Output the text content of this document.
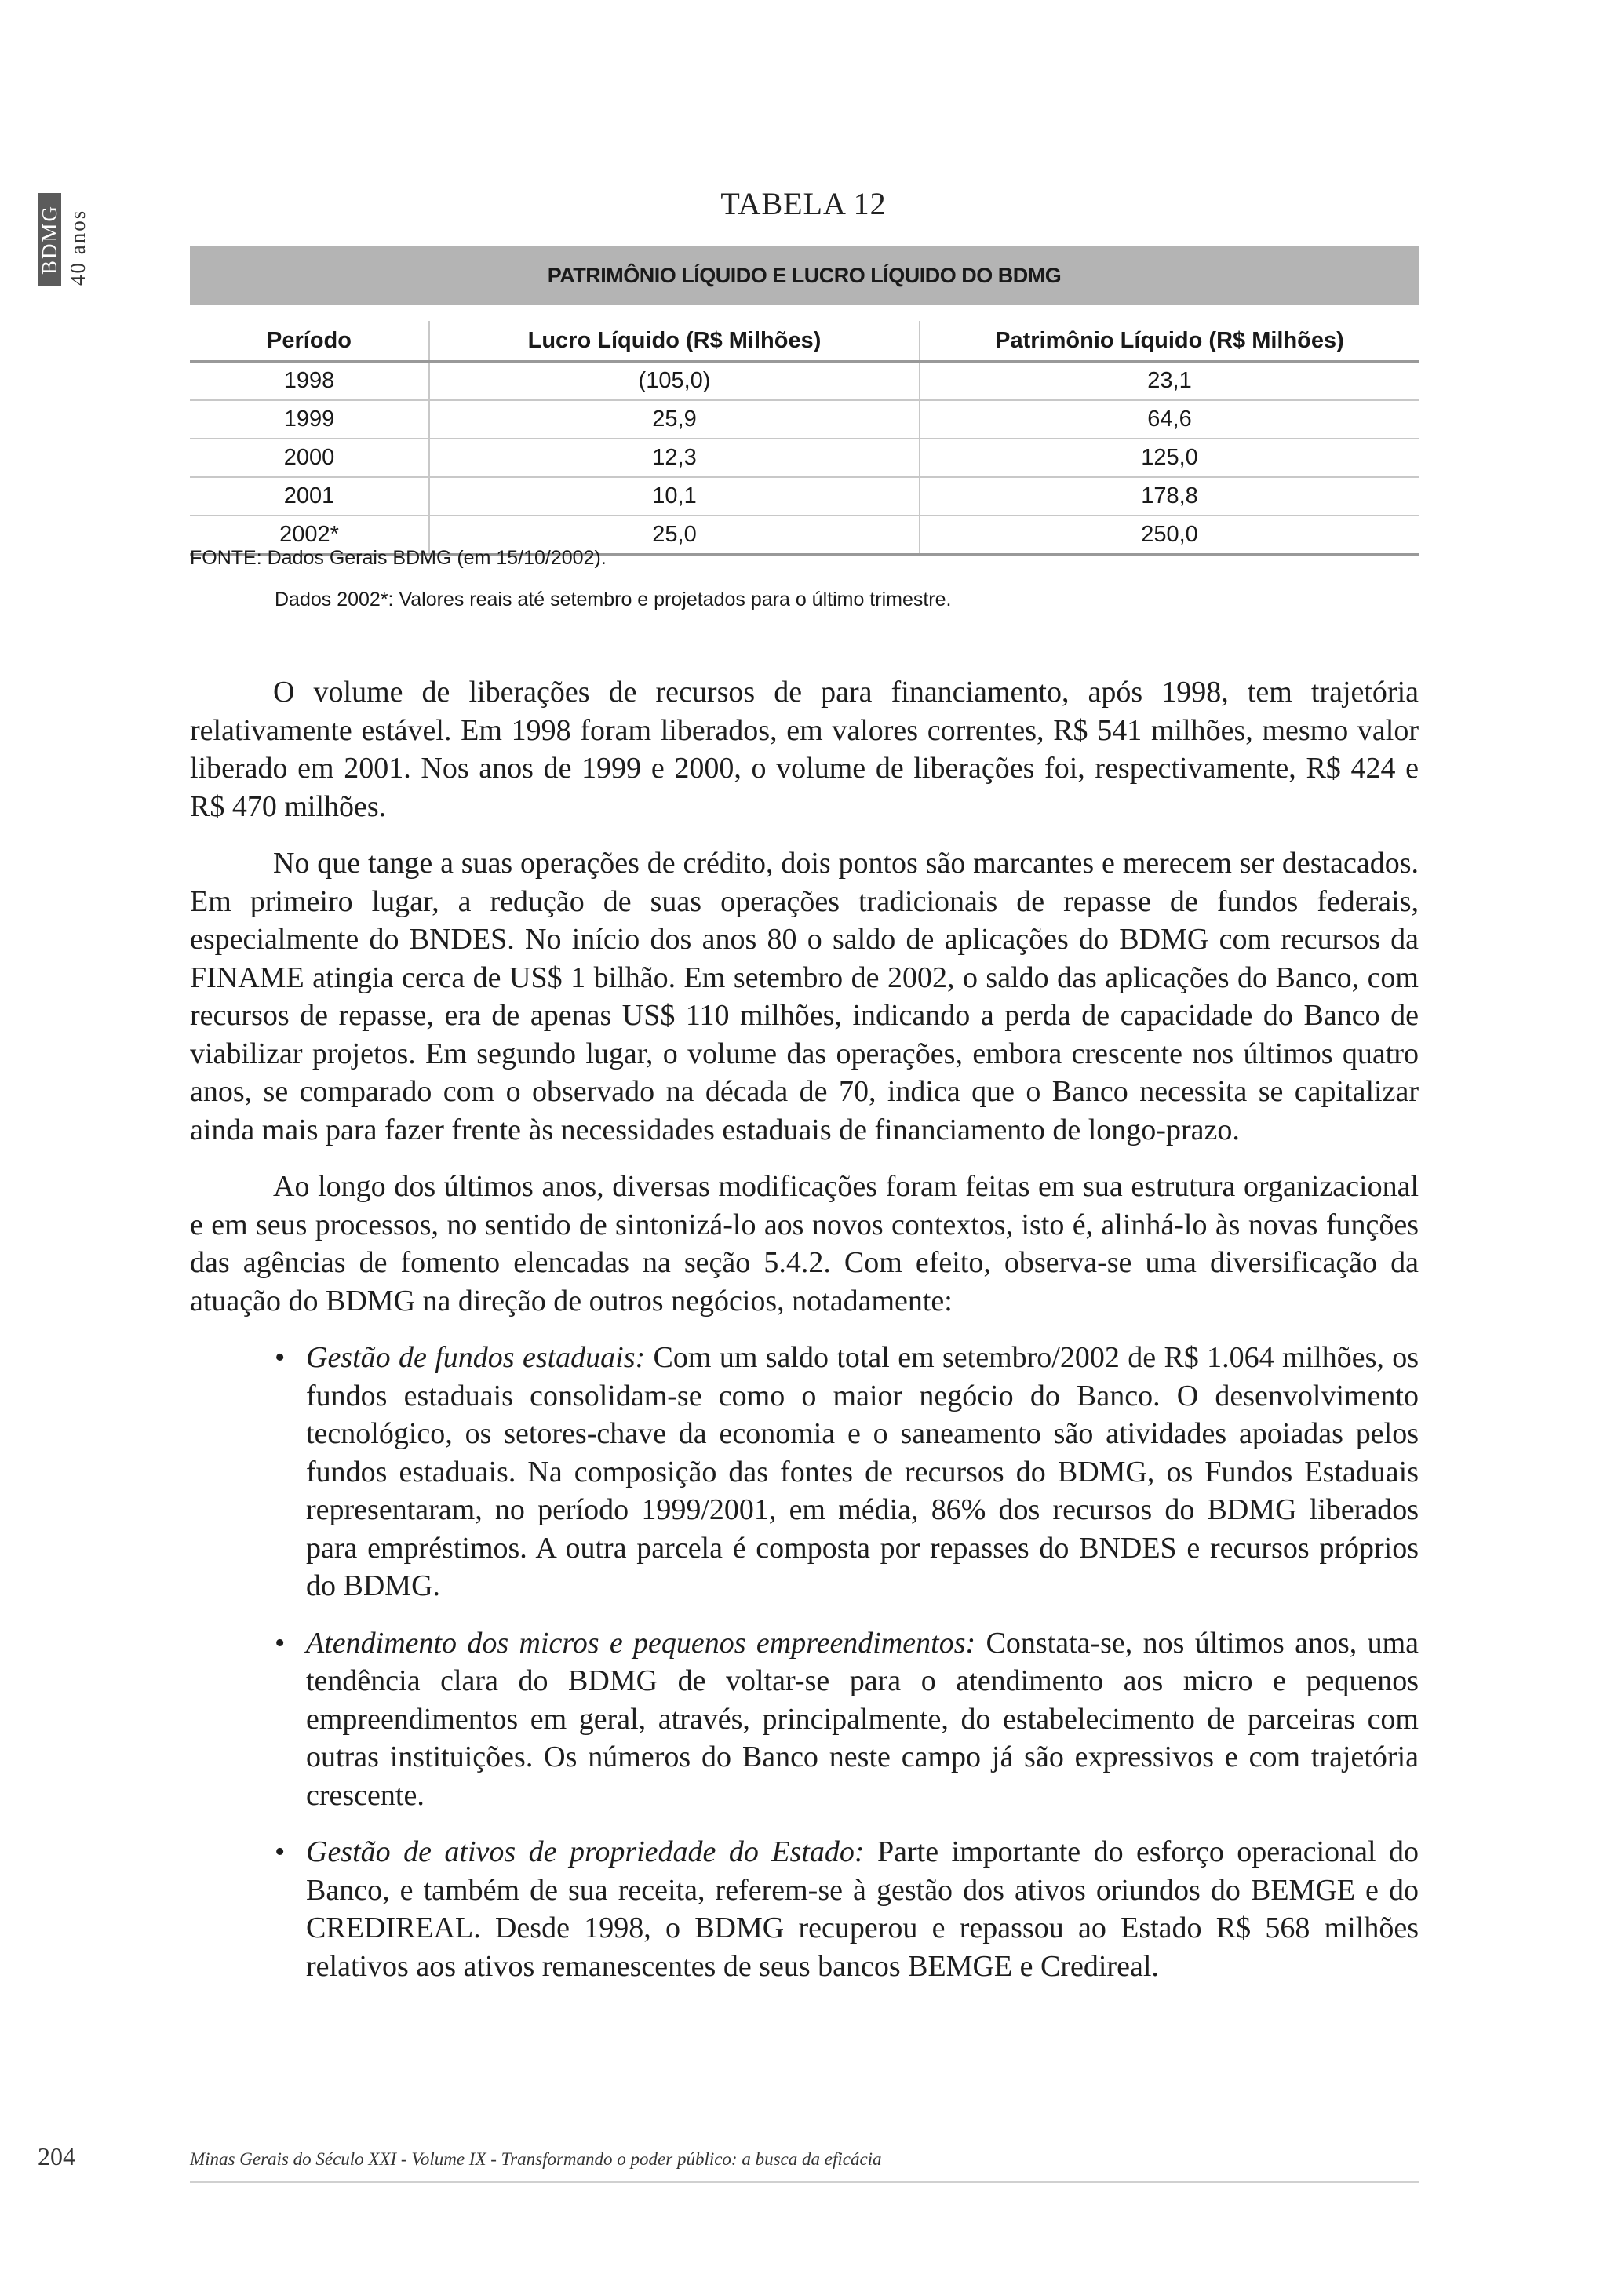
BDMG 40 anos
TABELA 12
PATRIMÔNIO LÍQUIDO E LUCRO LÍQUIDO DO BDMG
Período	Lucro Líquido (R$ Milhões)	Patrimônio Líquido (R$ Milhões)
1998	(105,0)	23,1
1999	25,9	64,6
2000	12,3	125,0
2001	10,1	178,8
2002*	25,0	250,0
FONTE: Dados Gerais BDMG (em 15/10/2002).
Dados 2002*: Valores reais até setembro e projetados para o último trimestre.

O volume de liberações de recursos de para financiamento, após 1998, tem trajetória relativamente estável. Em 1998 foram liberados, em valores correntes, R$ 541 milhões, mesmo valor liberado em 2001. Nos anos de 1999 e 2000, o volume de liberações foi, respectivamente, R$ 424 e R$ 470 milhões.

No que tange a suas operações de crédito, dois pontos são marcantes e merecem ser destacados. Em primeiro lugar, a redução de suas operações tradicionais de repasse de fundos federais, especialmente do BNDES. No início dos anos 80 o saldo de aplicações do BDMG com recursos da FINAME atingia cerca de US$ 1 bilhão. Em setembro de 2002, o saldo das aplicações do Banco, com recursos de repasse, era de apenas US$ 110 milhões, indicando a perda de capacidade do Banco de viabilizar projetos. Em segundo lugar, o volume das operações, embora crescente nos últimos quatro anos, se comparado com o observado na década de 70, indica que o Banco necessita se capitalizar ainda mais para fazer frente às necessidades estaduais de financiamento de longo-prazo.

Ao longo dos últimos anos, diversas modificações foram feitas em sua estrutura organizacional e em seus processos, no sentido de sintonizá-lo aos novos contextos, isto é, alinhá-lo às novas funções das agências de fomento elencadas na seção 5.4.2. Com efeito, observa-se uma diversificação da atuação do BDMG na direção de outros negócios, notadamente:

• Gestão de fundos estaduais: Com um saldo total em setembro/2002 de R$ 1.064 milhões, os fundos estaduais consolidam-se como o maior negócio do Banco. O desenvolvimento tecnológico, os setores-chave da economia e o saneamento são atividades apoiadas pelos fundos estaduais. Na composição das fontes de recursos do BDMG, os Fundos Estaduais representaram, no período 1999/2001, em média, 86% dos recursos do BDMG liberados para empréstimos. A outra parcela é composta por repasses do BNDES e recursos próprios do BDMG.
• Atendimento dos micros e pequenos empreendimentos: Constata-se, nos últimos anos, uma tendência clara do BDMG de voltar-se para o atendimento aos micro e pequenos empreendimentos em geral, através, principalmente, do estabelecimento de parceiras com outras instituições. Os números do Banco neste campo já são expressivos e com trajetória crescente.
• Gestão de ativos de propriedade do Estado: Parte importante do esforço operacional do Banco, e também de sua receita, referem-se à gestão dos ativos oriundos do BEMGE e do CREDIREAL. Desde 1998, o BDMG recuperou e repassou ao Estado R$ 568 milhões relativos aos ativos remanescentes de seus bancos BEMGE e Credireal.
204	Minas Gerais do Século XXI - Volume IX - Transformando o poder público: a busca da eficácia
